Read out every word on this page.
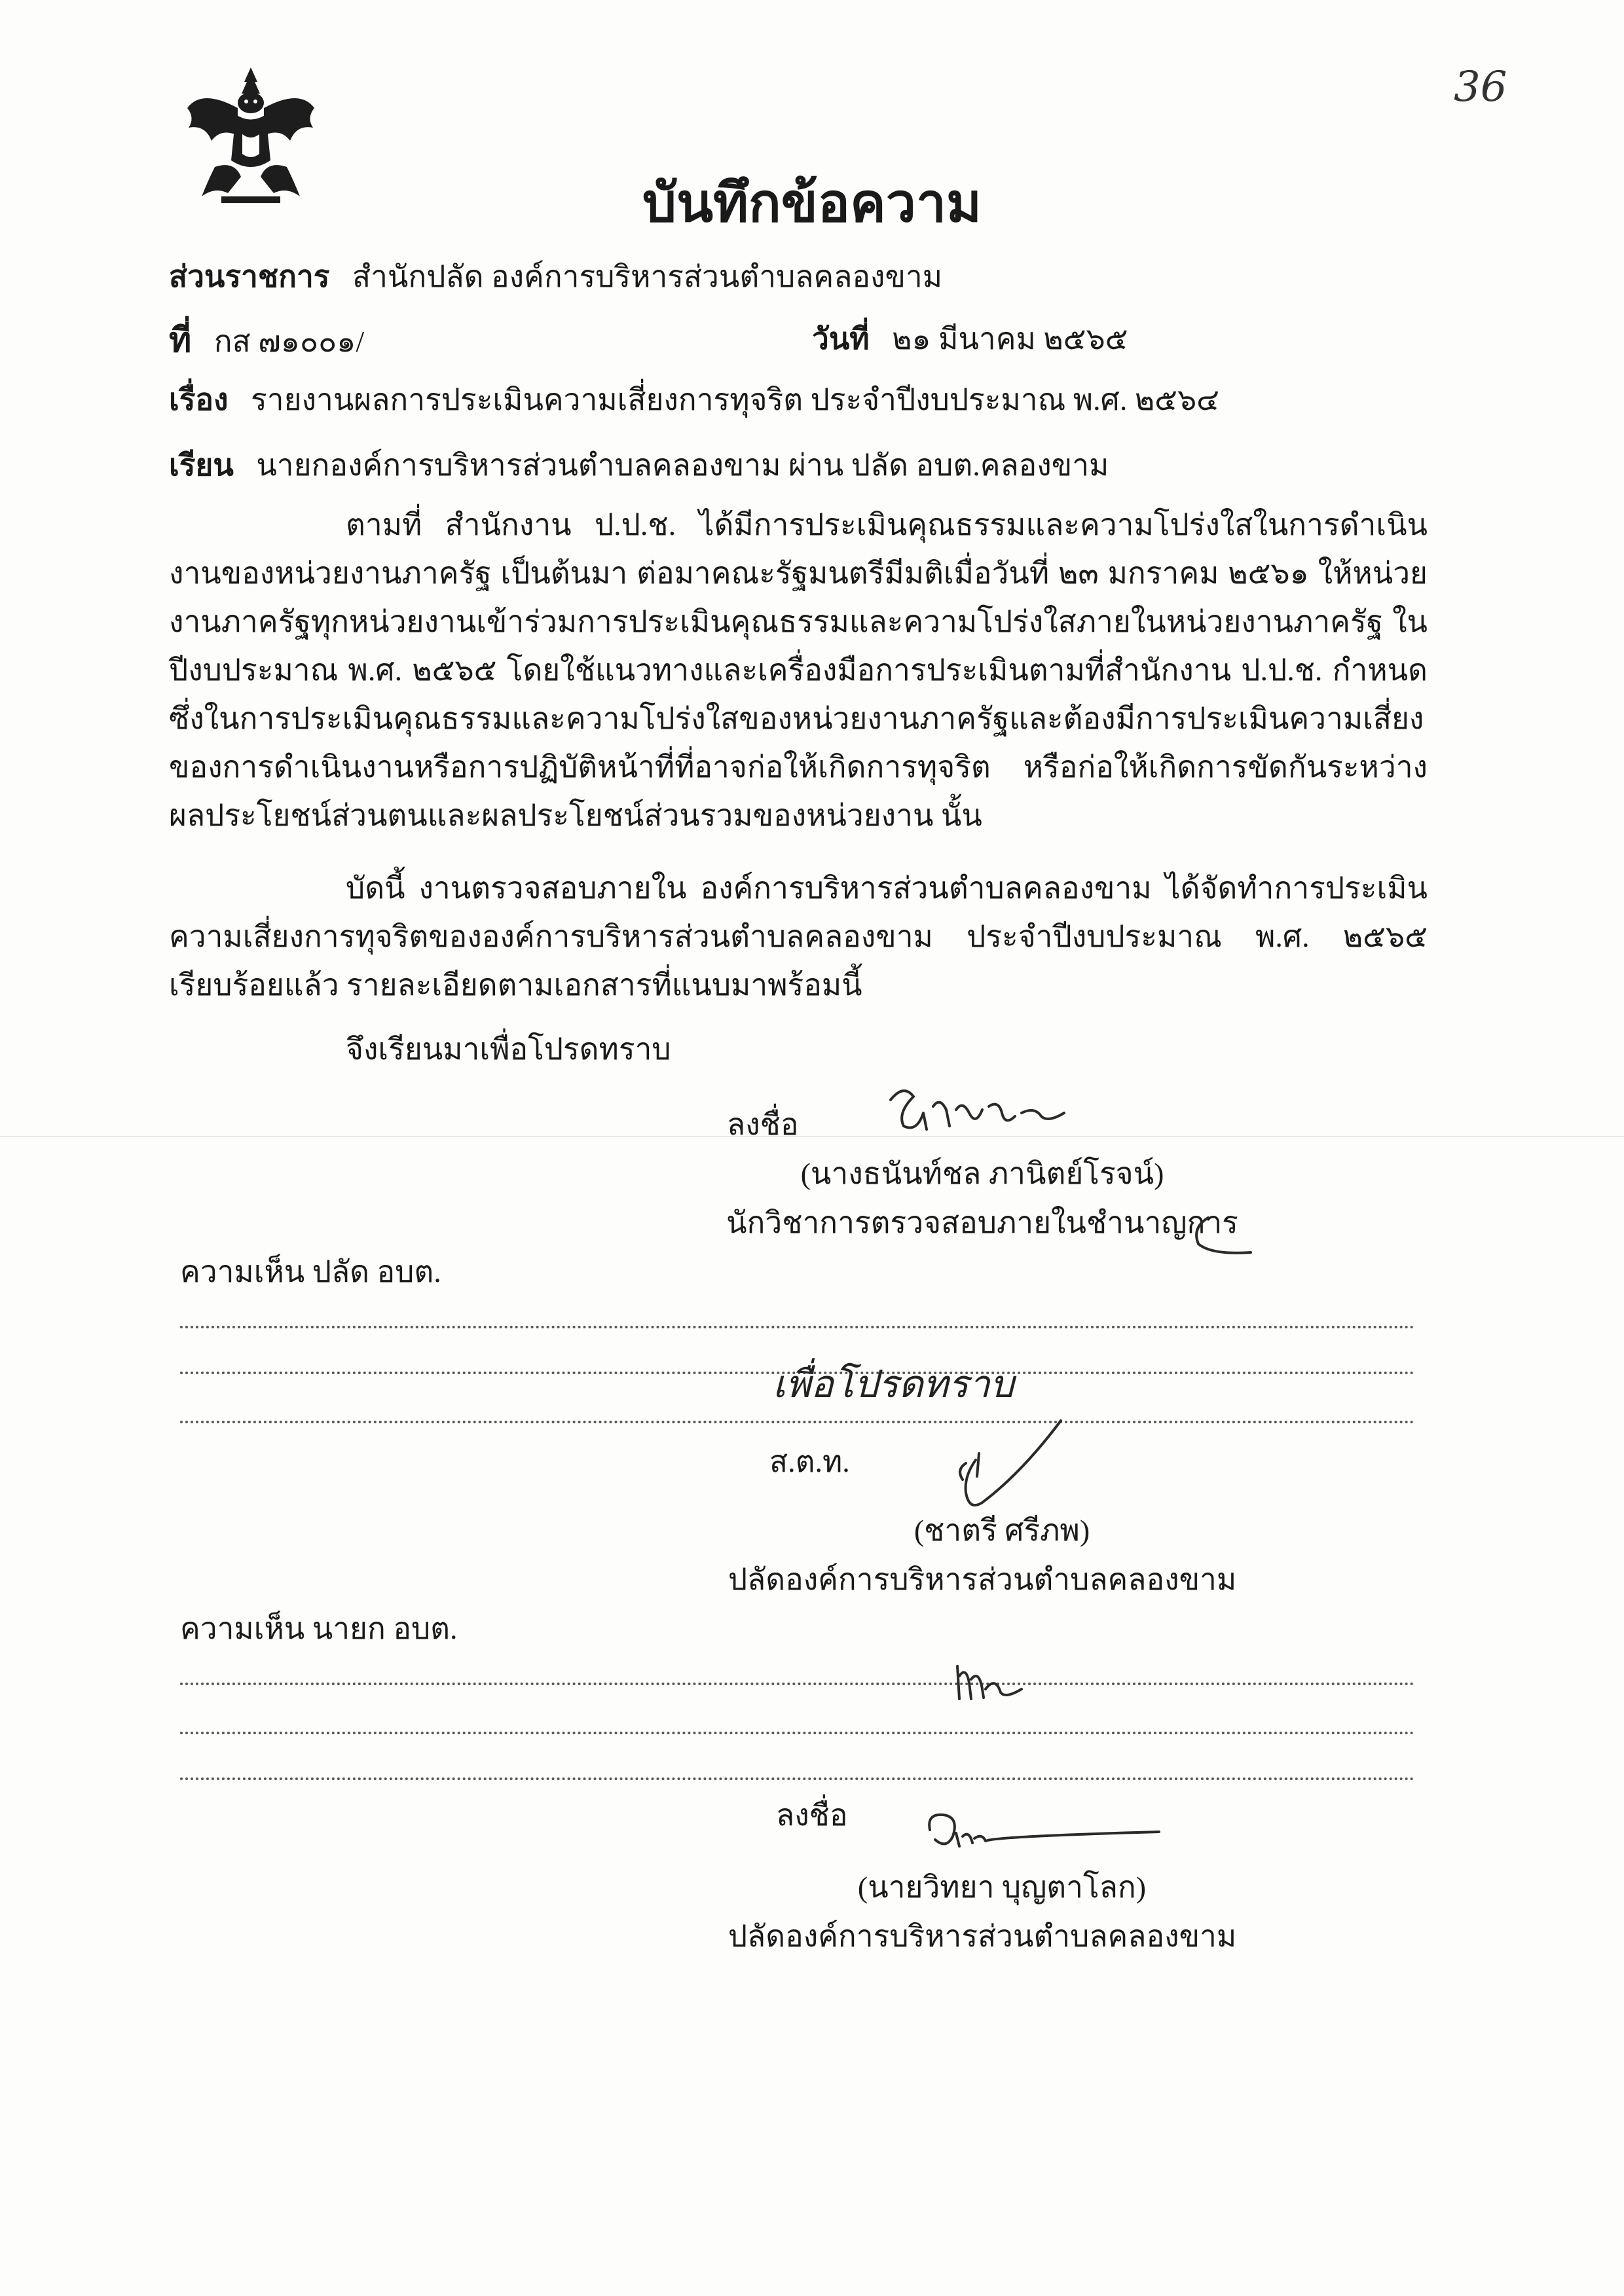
36
บันทึกข้อความ
ส่วนราชการ สำนักปลัด องค์การบริหารส่วนตำบลคลองขาม
ที่ กส ๗๑๐๐๑/	วันที่ ๒๑ มีนาคม ๒๕๖๕
เรื่อง รายงานผลการประเมินความเสี่ยงการทุจริต ประจำปีงบประมาณ พ.ศ. ๒๕๖๔
เรียน นายกองค์การบริหารส่วนตำบลคลองขาม ผ่าน ปลัด อบต.คลองขาม
ตามที่ สำนักงาน ป.ป.ช. ได้มีการประเมินคุณธรรมและความโปร่งใสในการดำเนินงานของหน่วยงานภาครัฐ เป็นต้นมา ต่อมาคณะรัฐมนตรีมีมติเมื่อวันที่ ๒๓ มกราคม ๒๕๖๑ ให้หน่วยงานภาครัฐทุกหน่วยงานเข้าร่วมการประเมินคุณธรรมและความโปร่งใสภายในหน่วยงานภาครัฐ ในปีงบประมาณ พ.ศ. ๒๕๖๕ โดยใช้แนวทางและเครื่องมือการประเมินตามที่สำนักงาน ป.ป.ช. กำหนด ซึ่งในการประเมินคุณธรรมและความโปร่งใสของหน่วยงานภาครัฐและต้องมีการประเมินความเสี่ยงของการดำเนินงานหรือการปฏิบัติหน้าที่ที่อาจก่อให้เกิดการทุจริต หรือก่อให้เกิดการขัดกันระหว่างผลประโยชน์ส่วนตนและผลประโยชน์ส่วนรวมของหน่วยงาน นั้น
บัดนี้ งานตรวจสอบภายใน องค์การบริหารส่วนตำบลคลองขาม ได้จัดทำการประเมินความเสี่ยงการทุจริตขององค์การบริหารส่วนตำบลคลองขาม ประจำปีงบประมาณ พ.ศ. ๒๕๖๕ เรียบร้อยแล้ว รายละเอียดตามเอกสารที่แนบมาพร้อมนี้
จึงเรียนมาเพื่อโปรดทราบ
ลงชื่อ
(นางธนันท์ชล ภานิตย์โรจน์)
นักวิชาการตรวจสอบภายในชำนาญการ
ความเห็น ปลัด อบต.
เพื่อโปรดทราบ
ส.ต.ท.
(ชาตรี ศรีภพ)
ปลัดองค์การบริหารส่วนตำบลคลองขาม
ความเห็น นายก อบต.
ลงชื่อ
(นายวิทยา บุญตาโลก)
ปลัดองค์การบริหารส่วนตำบลคลองขาม
